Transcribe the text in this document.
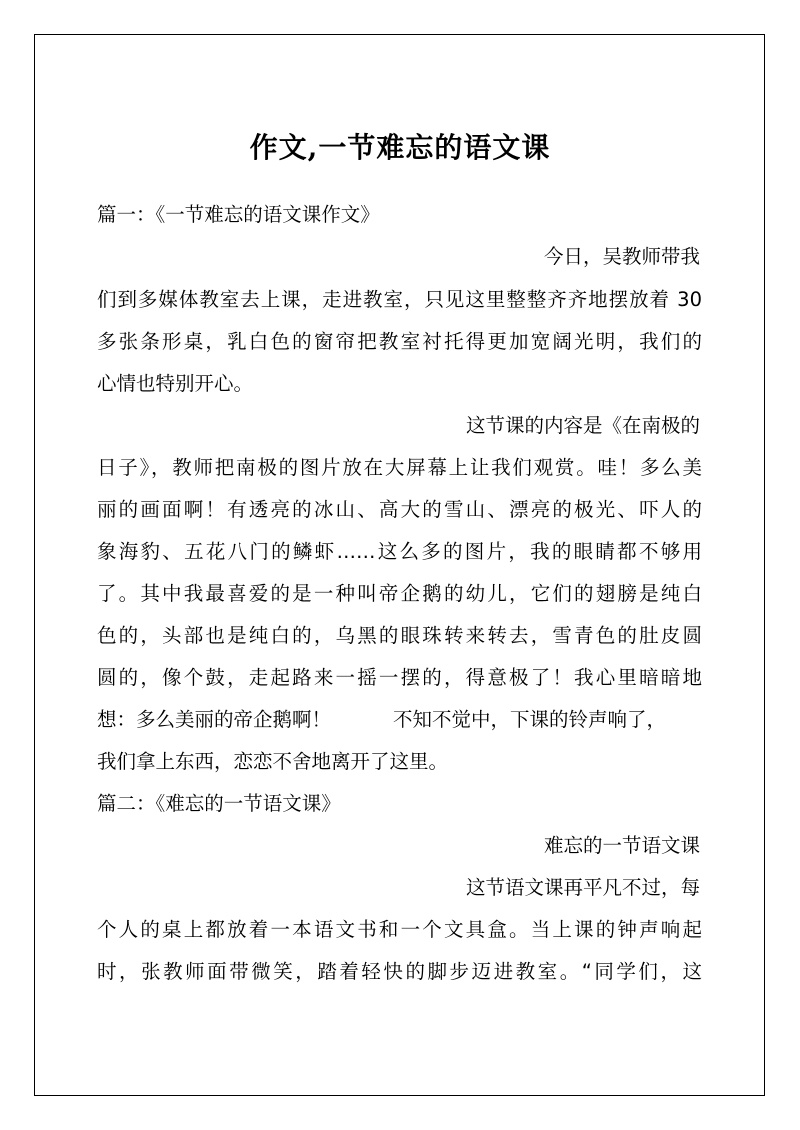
作文,一节难忘的语文课
篇一：《一节难忘的语文课作文》
今日，吴教师带我
们到多媒体教室去上课，走进教室，只见这里整整齐齐地摆放着 30
多张条形桌，乳白色的窗帘把教室衬托得更加宽阔光明，我们的
心情也特别开心。
这节课的内容是《在南极的
日子》，教师把南极的图片放在大屏幕上让我们观赏。哇！多么美
丽的画面啊！有透亮的冰山、高大的雪山、漂亮的极光、吓人的
象海豹、五花八门的鳞虾……这么多的图片，我的眼睛都不够用
了。其中我最喜爱的是一种叫帝企鹅的幼儿，它们的翅膀是纯白
色的，头部也是纯白的，乌黑的眼珠转来转去，雪青色的肚皮圆
圆的，像个鼓，走起路来一摇一摆的，得意极了！我心里暗暗地
想：多么美丽的帝企鹅啊！          不知不觉中，下课的铃声响了，
我们拿上东西，恋恋不舍地离开了这里。
篇二：《难忘的一节语文课》
难忘的一节语文课
这节语文课再平凡不过，每
个人的桌上都放着一本语文书和一个文具盒。当上课的钟声响起
时，张教师面带微笑，踏着轻快的脚步迈进教室。“同学们，这
